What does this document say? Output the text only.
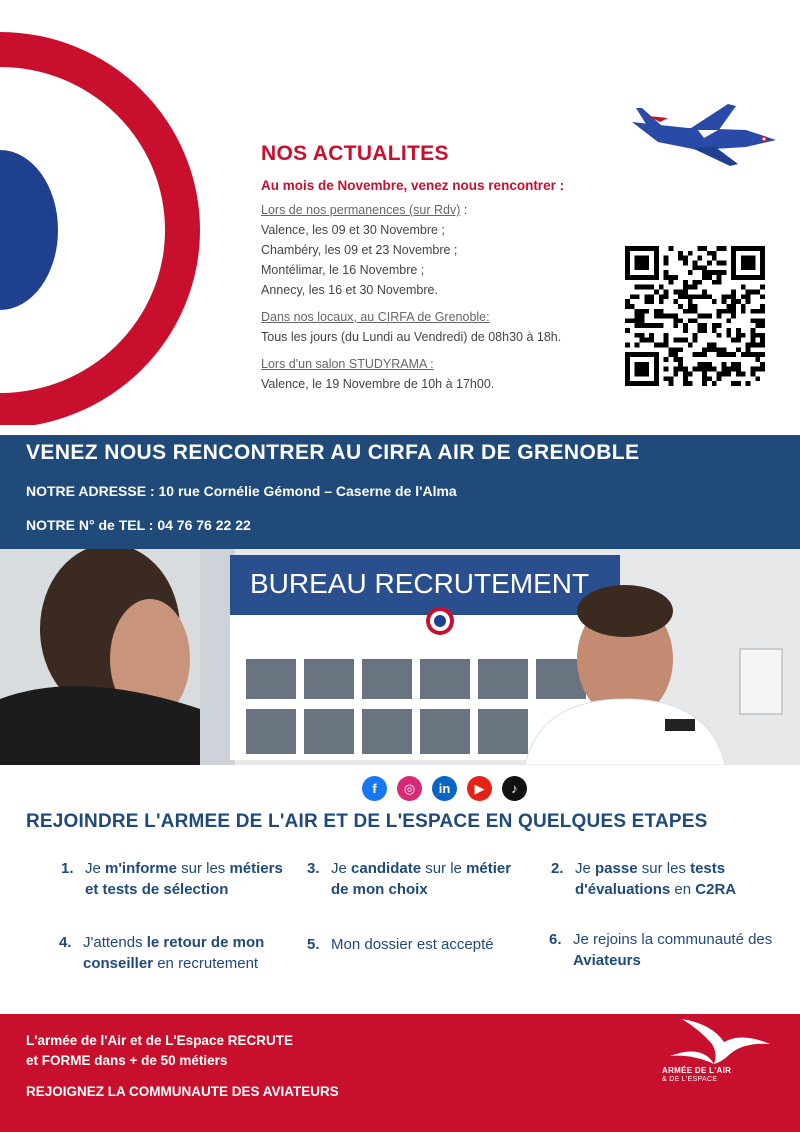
NOS ACTUALITES
Au mois de Novembre, venez nous rencontrer :
Lors de nos permanences (sur Rdv) :
Valence, les 09 et 30 Novembre ;
Chambéry, les 09 et 23 Novembre ;
Montélimar, le 16 Novembre ;
Annecy, les 16 et 30 Novembre.
Dans nos locaux, au CIRFA de Grenoble:
Tous les jours (du Lundi au Vendredi) de 08h30 à 18h.
Lors d'un salon STUDYRAMA :
Valence, le 19 Novembre de 10h à 17h00.
VENEZ NOUS RENCONTRER AU CIRFA AIR DE GRENOBLE
NOTRE ADRESSE : 10 rue Cornélie Gémond – Caserne de l'Alma
NOTRE N° de TEL : 04 76 76 22 22
BUREAU RECRUTEMENT
f	◎	in	▶	♪
REJOINDRE L'ARMEE DE L'AIR ET DE L'ESPACE EN QUELQUES ETAPES
1. Je m'informe sur les métiers et tests de sélection
3. Je candidate sur le métier de mon choix
2. Je passe sur les tests d'évaluations en C2RA
4. J'attends le retour de mon conseiller en recrutement
5. Mon dossier est accepté	6. Je rejoins la communauté des Aviateurs
L'armée de l'Air et de L'Espace RECRUTE
et FORME dans + de 50 métiers
REJOIGNEZ LA COMMUNAUTE DES AVIATEURS
ARMÉE DE L'AIR
& DE L'ESPACE
